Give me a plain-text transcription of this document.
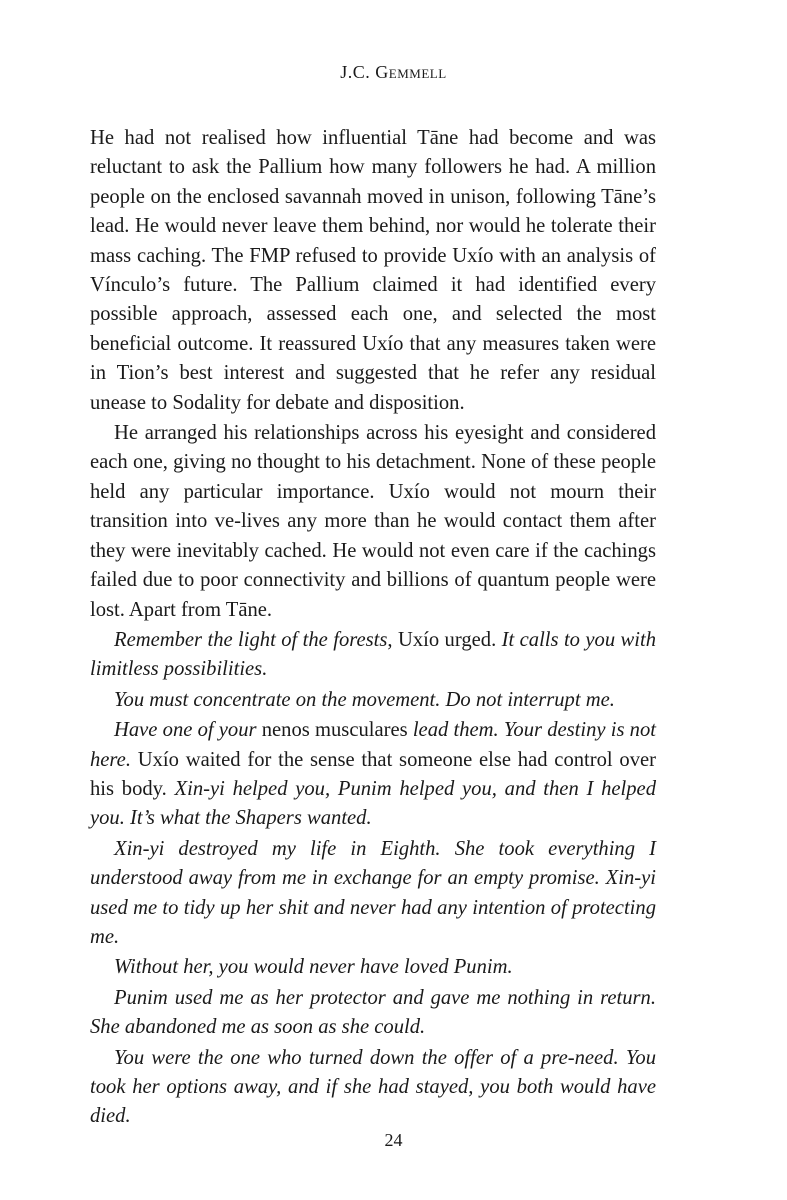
J.C. Gemmell

He had not realised how influential Tāne had become and was reluctant to ask the Pallium how many followers he had. A million people on the enclosed savannah moved in unison, following Tāne’s lead. He would never leave them behind, nor would he tolerate their mass caching. The FMP refused to provide Uxío with an analysis of Vínculo’s future. The Pallium claimed it had identified every possible approach, assessed each one, and selected the most beneficial outcome. It reassured Uxío that any measures taken were in Tion’s best interest and suggested that he refer any residual unease to Sodality for debate and disposition.

He arranged his relationships across his eyesight and considered each one, giving no thought to his detachment. None of these people held any particular importance. Uxío would not mourn their transition into ve-lives any more than he would contact them after they were inevitably cached. He would not even care if the cachings failed due to poor connectivity and billions of quantum people were lost. Apart from Tāne.

Remember the light of the forests, Uxío urged. It calls to you with limitless possibilities.

You must concentrate on the movement. Do not interrupt me.

Have one of your nenos musculares lead them. Your destiny is not here. Uxío waited for the sense that someone else had control over his body. Xin-yi helped you, Punim helped you, and then I helped you. It’s what the Shapers wanted.

Xin-yi destroyed my life in Eighth. She took everything I understood away from me in exchange for an empty promise. Xin-yi used me to tidy up her shit and never had any intention of protecting me.

Without her, you would never have loved Punim.

Punim used me as her protector and gave me nothing in return. She abandoned me as soon as she could.

You were the one who turned down the offer of a pre-need. You took her options away, and if she had stayed, you both would have died.

24
